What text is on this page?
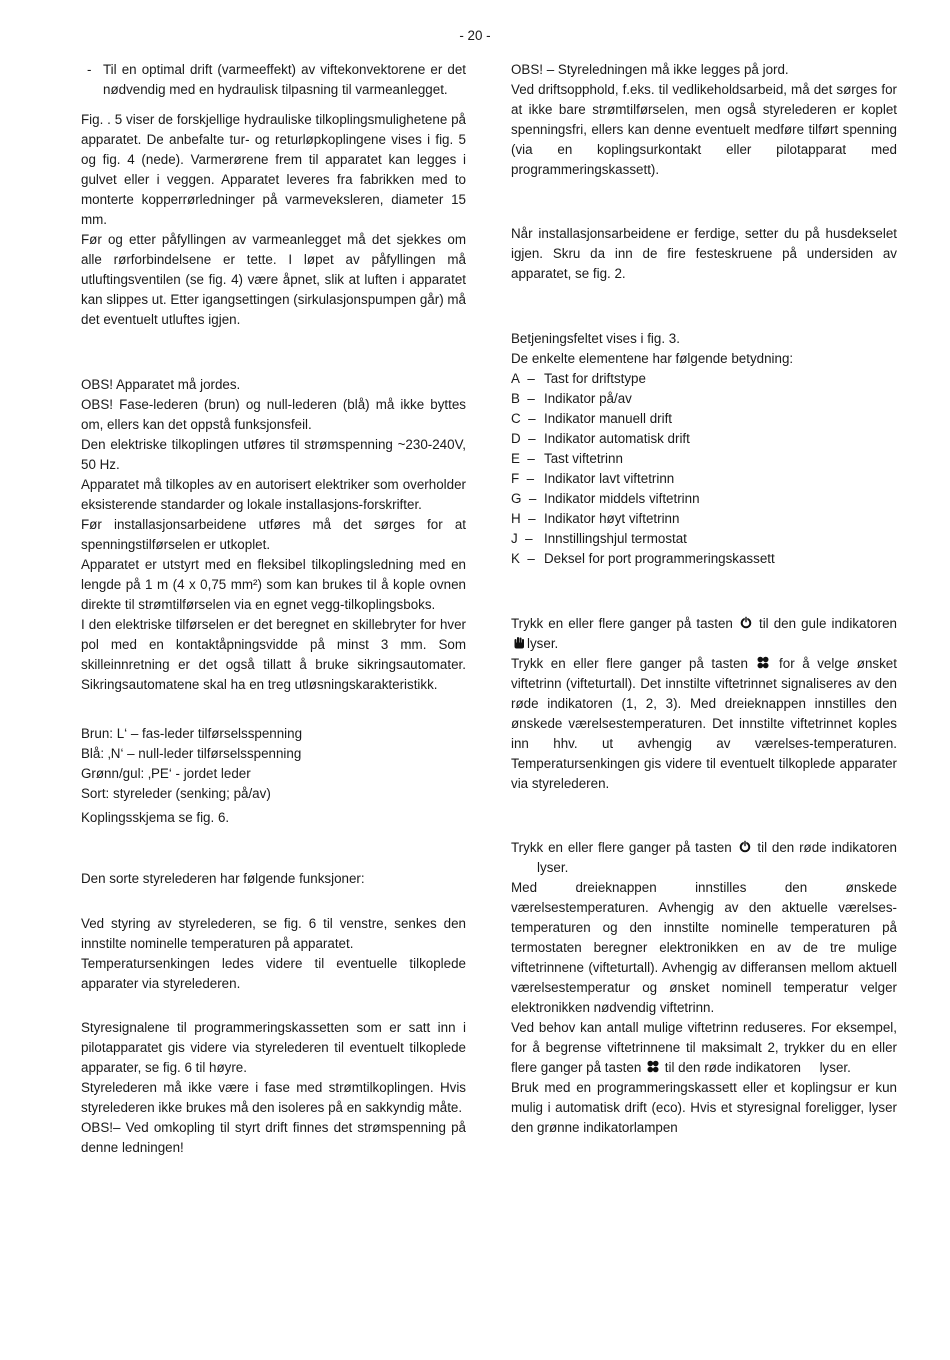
- 20 -
- Til en optimal drift (varmeeffekt) av viftekonvektorene er det nødvendig med en hydraulisk tilpasning til varmeanlegget.

Fig. . 5 viser de forskjellige hydrauliske tilkoplingsmulighetene på apparatet. De anbefalte tur- og returløpkoplingene vises i fig. 5 og fig. 4 (nede). Varmerørene frem til apparatet kan legges i gulvet eller i veggen. Apparatet leveres fra fabrikken med to monterte kopperrørledninger på varmeveksleren, diameter 15 mm.

Før og etter påfyllingen av varmeanlegget må det sjekkes om alle rørforbindelsene er tette. I løpet av påfyllingen må utluftingsventilen (se fig. 4) være åpnet, slik at luften i apparatet kan slippes ut. Etter igangsettingen (sirkulasjonspumpen går) må det eventuelt utluftes igjen.

OBS! Apparatet må jordes.

OBS! Fase-lederen (brun) og null-lederen (blå) må ikke byttes om, ellers kan det oppstå funksjonsfeil.

Den elektriske tilkoplingen utføres til strømspenning ~230-240V, 50 Hz.

Apparatet må tilkoples av en autorisert elektriker som overholder eksisterende standarder og lokale installasjons-forskrifter.

Før installasjonsarbeidene utføres må det sørges for at spenningstilførselen er utkoplet.

Apparatet er utstyrt med en fleksibel tilkoplingsledning med en lengde på 1 m (4 x 0,75 mm²) som kan brukes til å kople ovnen direkte til strømtilførselen via en egnet vegg-tilkoplingsboks.

I den elektriske tilførselen er det beregnet en skillebryter for hver pol med en kontaktåpningsvidde på minst 3 mm. Som skilleinnretning er det også tillatt å bruke sikringsautomater. Sikringsautomatene skal ha en treg utløsningskarakteristikk.

Brun: L‘ – fas-leder tilførselsspenning

Blå: ‚N‘ – null-leder tilførselsspenning

Grønn/gul: ‚PE‘ - jordet leder

Sort: styreleder (senking; på/av)

Koplingsskjema se fig. 6.

Den sorte styrelederen har følgende funksjoner:

Ved styring av styrelederen, se fig. 6 til venstre, senkes den innstilte nominelle temperaturen på apparatet.

Temperatursenkingen ledes videre til eventuelle tilkoplede apparater via styrelederen.

Styresignalene til programmeringskassetten som er satt inn i pilotapparatet gis videre via styrelederen til eventuelt tilkoplede apparater, se fig. 6 til høyre.

Styrelederen må ikke være i fase med strømtilkoplingen. Hvis styrelederen ikke brukes må den isoleres på en sakkyndig måte.

OBS!– Ved omkopling til styrt drift finnes det strømspenning på denne ledningen!

OBS! – Styreledningen må ikke legges på jord.

Ved driftsopphold, f.eks. til vedlikeholdsarbeid, må det sørges for at ikke bare strømtilførselen, men også styrelederen er koplet spenningsfri, ellers kan denne eventuelt medføre tilført spenning (via en koplingsurkontakt eller pilotapparat med programmeringskassett).

Når installasjonsarbeidene er ferdige, setter du på husdekselet igjen. Skru da inn de fire festeskruene på undersiden av apparatet, se fig. 2.

Betjeningsfeltet vises i fig. 3.

De enkelte elementene har følgende betydning:

A – Tast for driftstype
B – Indikator på/av
C – Indikator manuell drift
D – Indikator automatisk drift
E – Tast viftetrinn
F – Indikator lavt viftetrinn
G – Indikator middels viftetrinn
H – Indikator høyt viftetrinn
J – Innstillingshjul termostat
K – Deksel for port programmeringskassett

Trykk en eller flere ganger på tasten til den gule indikatoren
lyser.

Trykk en eller flere ganger på tasten for å velge ønsket viftetrinn (vifteturtall). Det innstilte viftetrinnet signaliseres av den røde indikatoren (1, 2, 3). Med dreieknappen innstilles den ønskede værelsestemperaturen. Det innstilte viftetrinnet koples inn hhv. ut avhengig av værelses-temperaturen. Temperatursenkingen gis videre til eventuelt tilkoplede apparater via styrelederen.

Trykk en eller flere ganger på tasten til den røde indikatoren        lyser.

Med dreieknappen innstilles den ønskede værelsestemperaturen. Avhengig av den aktuelle værelses-temperaturen og den innstilte nominelle temperaturen på termostaten beregner elektronikken en av de tre mulige viftetrinnene (vifteturtall). Avhengig av differansen mellom aktuell værelsestemperatur og ønsket nominell temperatur velger elektronikken nødvendig viftetrinn.

Ved behov kan antall mulige viftetrinn reduseres. For eksempel, for å begrense viftetrinnene til maksimalt 2, trykker du en eller flere ganger på tasten til den røde indikatoren lyser.

Bruk med en programmeringskassett eller et koplingsur er kun mulig i automatisk drift (eco). Hvis et styresignal foreligger, lyser den grønne indikatorlampen
